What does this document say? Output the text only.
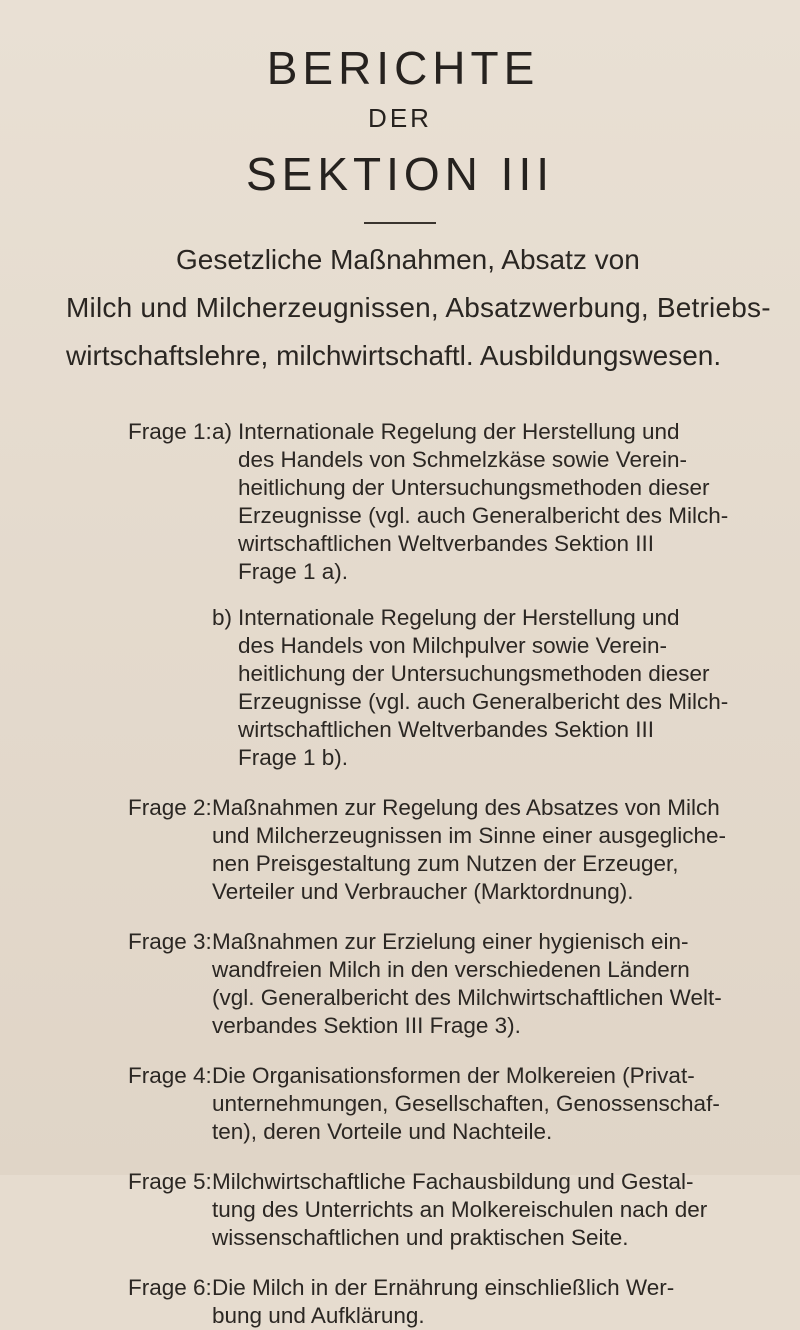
BERICHTE
DER
SEKTION III
Gesetzliche Maßnahmen, Absatz von
Milch und Milcherzeugnissen, Absatzwerbung, Betriebs-
wirtschaftslehre, milchwirtschaftl. Ausbildungswesen.
Frage 1: a) Internationale Regelung der Herstellung und
des Handels von Schmelzkäse sowie Verein-
heitlichung der Untersuchungsmethoden dieser
Erzeugnisse (vgl. auch Generalbericht des Milch-
wirtschaftlichen Weltverbandes Sektion III
Frage 1 a).
b) Internationale Regelung der Herstellung und
des Handels von Milchpulver sowie Verein-
heitlichung der Untersuchungsmethoden dieser
Erzeugnisse (vgl. auch Generalbericht des Milch-
wirtschaftlichen Weltverbandes Sektion III
Frage 1 b).
Frage 2: Maßnahmen zur Regelung des Absatzes von Milch
und Milcherzeugnissen im Sinne einer ausgegliche-
nen Preisgestaltung zum Nutzen der Erzeuger,
Verteiler und Verbraucher (Marktordnung).
Frage 3: Maßnahmen zur Erzielung einer hygienisch ein-
wandfreien Milch in den verschiedenen Ländern
(vgl. Generalbericht des Milchwirtschaftlichen Welt-
verbandes Sektion III Frage 3).
Frage 4: Die Organisationsformen der Molkereien (Privat-
unternehmungen, Gesellschaften, Genossenschaf-
ten), deren Vorteile und Nachteile.
Frage 5: Milchwirtschaftliche Fachausbildung und Gestal-
tung des Unterrichts an Molkereischulen nach der
wissenschaftlichen und praktischen Seite.
Frage 6: Die Milch in der Ernährung einschließlich Wer-
bung und Aufklärung.
